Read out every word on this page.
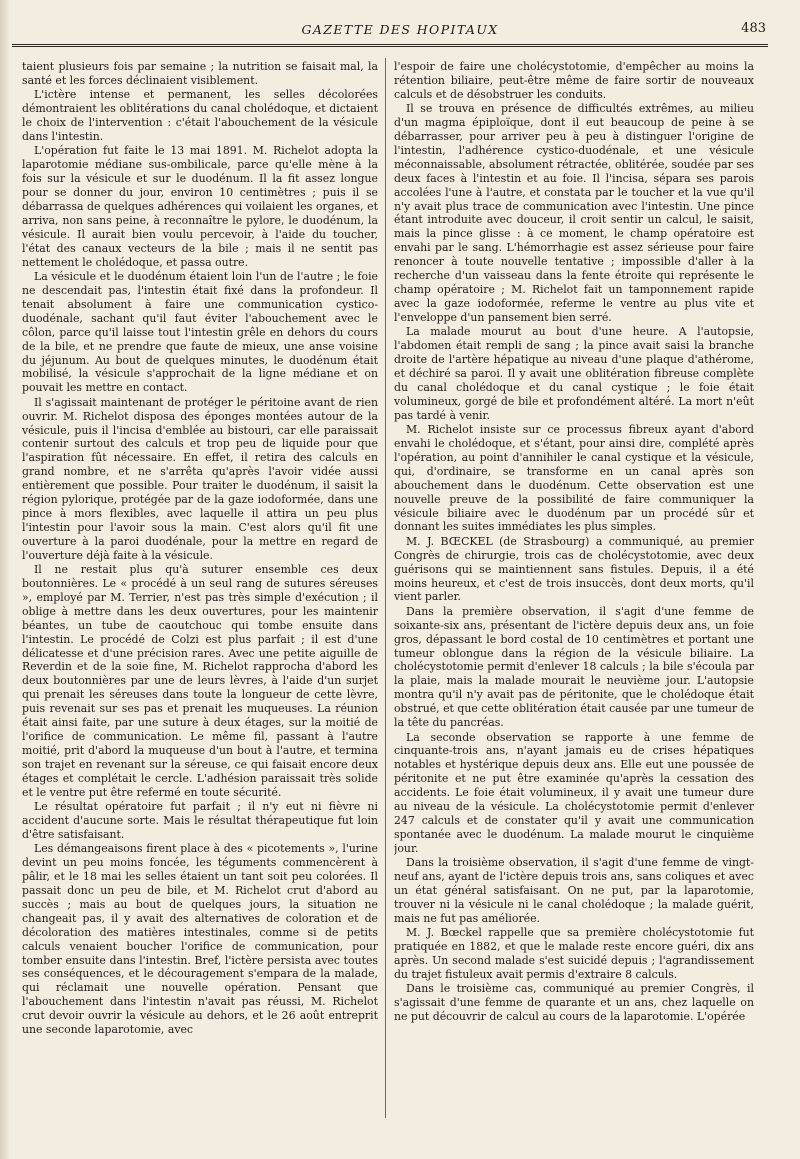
GAZETTE DES HOPITAUX	483

taient plusieurs fois par semaine ; la nutrition se faisait mal, la santé et les forces déclinaient visiblement.

L'ictère intense et permanent, les selles décolorées démontraient les oblitérations du canal cholédoque, et dictaient le choix de l'intervention : c'était l'abouchement de la vésicule dans l'intestin.

L'opération fut faite le 13 mai 1891. M. Richelot adopta la laparotomie médiane sus-ombilicale, parce qu'elle mène à la fois sur la vésicule et sur le duodénum. Il la fit assez longue pour se donner du jour, environ 10 centimètres ; puis il se débarrassa de quelques adhérences qui voilaient les organes, et arriva, non sans peine, à reconnaître le pylore, le duodénum, la vésicule. Il aurait bien voulu percevoir, à l'aide du toucher, l'état des canaux vecteurs de la bile ; mais il ne sentit pas nettement le cholédoque, et passa outre.

La vésicule et le duodénum étaient loin l'un de l'autre ; le foie ne descendait pas, l'intestin était fixé dans la profondeur. Il tenait absolument à faire une communication cystico-duodénale, sachant qu'il faut éviter l'abouchement avec le côlon, parce qu'il laisse tout l'intestin grêle en dehors du cours de la bile, et ne prendre que faute de mieux, une anse voisine du jéjunum. Au bout de quelques minutes, le duodénum était mobilisé, la vésicule s'approchait de la ligne médiane et on pouvait les mettre en contact.

Il s'agissait maintenant de protéger le péritoine avant de rien ouvrir. M. Richelot disposa des éponges montées autour de la vésicule, puis il l'incisa d'emblée au bistouri, car elle paraissait contenir surtout des calculs et trop peu de liquide pour que l'aspiration fût nécessaire. En effet, il retira des calculs en grand nombre, et ne s'arrêta qu'après l'avoir vidée aussi entièrement que possible. Pour traiter le duodénum, il saisit la région pylorique, protégée par de la gaze iodoformée, dans une pince à mors flexibles, avec laquelle il attira un peu plus l'intestin pour l'avoir sous la main. C'est alors qu'il fit une ouverture à la paroi duodénale, pour la mettre en regard de l'ouverture déjà faite à la vésicule.

Il ne restait plus qu'à suturer ensemble ces deux boutonnières. Le « procédé à un seul rang de sutures séreuses », employé par M. Terrier, n'est pas très simple d'exécution ; il oblige à mettre dans les deux ouvertures, pour les maintenir béantes, un tube de caoutchouc qui tombe ensuite dans l'intestin. Le procédé de Colzi est plus parfait ; il est d'une délicatesse et d'une précision rares. Avec une petite aiguille de Reverdin et de la soie fine, M. Richelot rapprocha d'abord les deux boutonnières par une de leurs lèvres, à l'aide d'un surjet qui prenait les séreuses dans toute la longueur de cette lèvre, puis revenait sur ses pas et prenait les muqueuses. La réunion était ainsi faite, par une suture à deux étages, sur la moitié de l'orifice de communication. Le même fil, passant à l'autre moitié, prit d'abord la muqueuse d'un bout à l'autre, et termina son trajet en revenant sur la séreuse, ce qui faisait encore deux étages et complétait le cercle. L'adhésion paraissait très solide et le ventre put être refermé en toute sécurité.

Le résultat opératoire fut parfait ; il n'y eut ni fièvre ni accident d'aucune sorte. Mais le résultat thérapeutique fut loin d'être satisfaisant.

Les démangeaisons firent place à des « picotements », l'urine devint un peu moins foncée, les téguments commencèrent à pâlir, et le 18 mai les selles étaient un tant soit peu colorées. Il passait donc un peu de bile, et M. Richelot crut d'abord au succès ; mais au bout de quelques jours, la situation ne changeait pas, il y avait des alternatives de coloration et de décoloration des matières intestinales, comme si de petits calculs venaient boucher l'orifice de communication, pour tomber ensuite dans l'intestin. Bref, l'ictère persista avec toutes ses conséquences, et le découragement s'empara de la malade, qui réclamait une nouvelle opération. Pensant que l'abouchement dans l'intestin n'avait pas réussi, M. Richelot crut devoir ouvrir la vésicule au dehors, et le 26 août entreprit une seconde laparotomie, avec

l'espoir de faire une cholécystotomie, d'empêcher au moins la rétention biliaire, peut-être même de faire sortir de nouveaux calculs et de désobstruer les conduits.

Il se trouva en présence de difficultés extrêmes, au milieu d'un magma épiploïque, dont il eut beaucoup de peine à se débarrasser, pour arriver peu à peu à distinguer l'origine de l'intestin, l'adhérence cystico-duodénale, et une vésicule méconnaissable, absolument rétractée, oblitérée, soudée par ses deux faces à l'intestin et au foie. Il l'incisa, sépara ses parois accolées l'une à l'autre, et constata par le toucher et la vue qu'il n'y avait plus trace de communication avec l'intestin. Une pince étant introduite avec douceur, il croit sentir un calcul, le saisit, mais la pince glisse : à ce moment, le champ opératoire est envahi par le sang. L'hémorrhagie est assez sérieuse pour faire renoncer à toute nouvelle tentative ; impossible d'aller à la recherche d'un vaisseau dans la fente étroite qui représente le champ opératoire ; M. Richelot fait un tamponnement rapide avec la gaze iodoformée, referme le ventre au plus vite et l'enveloppe d'un pansement bien serré.

La malade mourut au bout d'une heure. A l'autopsie, l'abdomen était rempli de sang ; la pince avait saisi la branche droite de l'artère hépatique au niveau d'une plaque d'athérome, et déchiré sa paroi. Il y avait une oblitération fibreuse complète du canal cholédoque et du canal cystique ; le foie était volumineux, gorgé de bile et profondément altéré. La mort n'eût pas tardé à venir.

M. Richelot insiste sur ce processus fibreux ayant d'abord envahi le cholédoque, et s'étant, pour ainsi dire, complété après l'opération, au point d'annihiler le canal cystique et la vésicule, qui, d'ordinaire, se transforme en un canal après son abouchement dans le duodénum. Cette observation est une nouvelle preuve de la possibilité de faire communiquer la vésicule biliaire avec le duodénum par un procédé sûr et donnant les suites immédiates les plus simples.

M. J. BŒCKEL (de Strasbourg) a communiqué, au premier Congrès de chirurgie, trois cas de cholécystotomie, avec deux guérisons qui se maintiennent sans fistules. Depuis, il a été moins heureux, et c'est de trois insuccès, dont deux morts, qu'il vient parler.

Dans la première observation, il s'agit d'une femme de soixante-six ans, présentant de l'ictère depuis deux ans, un foie gros, dépassant le bord costal de 10 centimètres et portant une tumeur oblongue dans la région de la vésicule biliaire. La cholécystotomie permit d'enlever 18 calculs ; la bile s'écoula par la plaie, mais la malade mourait le neuvième jour. L'autopsie montra qu'il n'y avait pas de péritonite, que le cholédoque était obstrué, et que cette oblitération était causée par une tumeur de la tête du pancréas.

La seconde observation se rapporte à une femme de cinquante-trois ans, n'ayant jamais eu de crises hépatiques notables et hystérique depuis deux ans. Elle eut une poussée de péritonite et ne put être examinée qu'après la cessation des accidents. Le foie était volumineux, il y avait une tumeur dure au niveau de la vésicule. La cholécystotomie permit d'enlever 247 calculs et de constater qu'il y avait une communication spontanée avec le duodénum. La malade mourut le cinquième jour.

Dans la troisième observation, il s'agit d'une femme de vingt-neuf ans, ayant de l'ictère depuis trois ans, sans coliques et avec un état général satisfaisant. On ne put, par la laparotomie, trouver ni la vésicule ni le canal cholédoque ; la malade guérit, mais ne fut pas améliorée.

M. J. Bœckel rappelle que sa première cholécystotomie fut pratiquée en 1882, et que le malade reste encore guéri, dix ans après. Un second malade s'est suicidé depuis ; l'agrandissement du trajet fistuleux avait permis d'extraire 8 calculs.

Dans le troisième cas, communiqué au premier Congrès, il s'agissait d'une femme de quarante et un ans, chez laquelle on ne put découvrir de calcul au cours de la laparotomie. L'opérée
